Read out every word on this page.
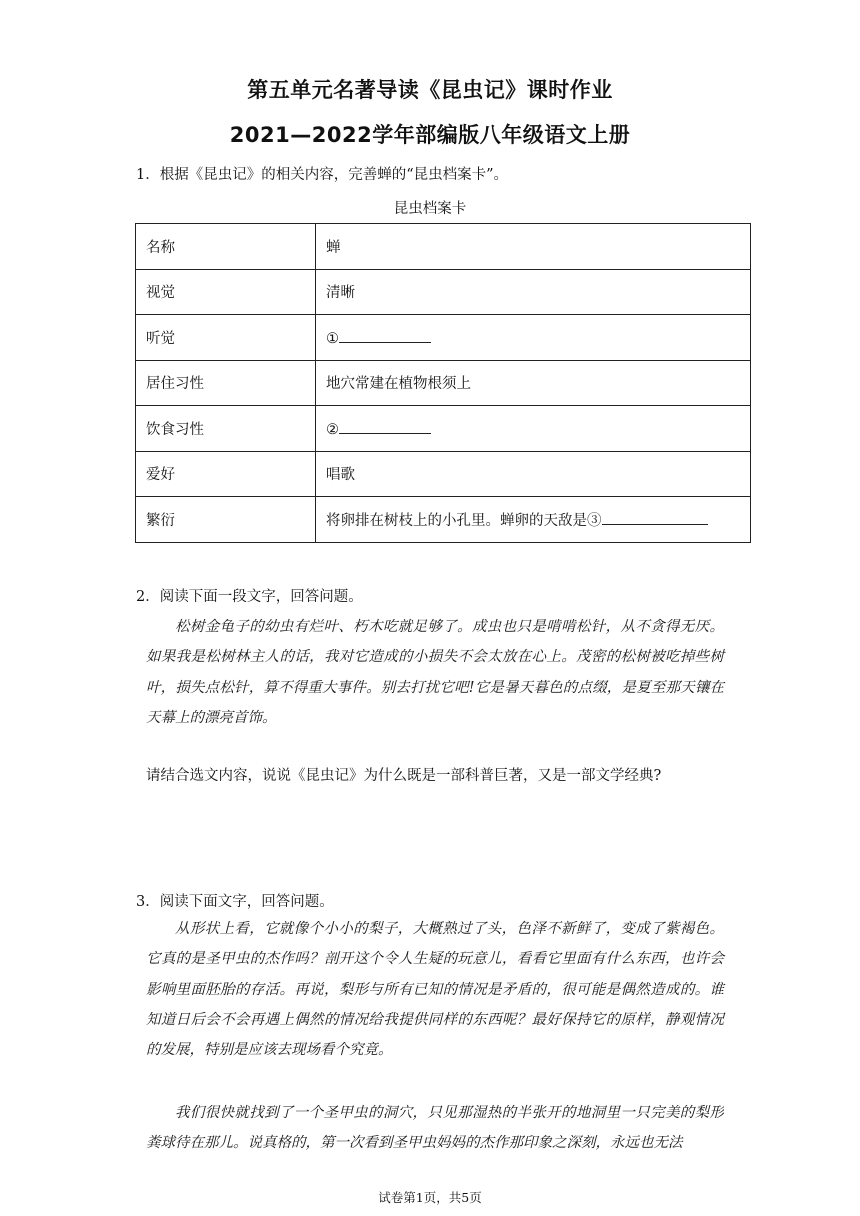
第五单元名著导读《昆虫记》课时作业
2021—2022学年部编版八年级语文上册
1．根据《昆虫记》的相关内容，完善蝉的“昆虫档案卡”。
昆虫档案卡
名称	蝉
视觉	清晰
听觉	①
居住习性	地穴常建在植物根须上
饮食习性	②
爱好	唱歌
繁衍	将卵排在树枝上的小孔里。蝉卵的天敌是③
2．阅读下面一段文字，回答问题。
松树金龟子的幼虫有烂叶、朽木吃就足够了。成虫也只是啃啃松针，从不贪得无厌。如果我是松树林主人的话，我对它造成的小损失不会太放在心上。茂密的松树被吃掉些树叶，损失点松针，算不得重大事件。别去打扰它吧!它是暑天暮色的点缀，是夏至那天镶在天幕上的漂亮首饰。
请结合选文内容，说说《昆虫记》为什么既是一部科普巨著，又是一部文学经典?
3．阅读下面文字，回答问题。
从形状上看，它就像个小小的梨子，大概熟过了头，色泽不新鲜了，变成了紫褐色。它真的是圣甲虫的杰作吗？剖开这个令人生疑的玩意儿，看看它里面有什么东西，也许会影响里面胚胎的存活。再说，梨形与所有已知的情况是矛盾的，很可能是偶然造成的。谁知道日后会不会再遇上偶然的情况给我提供同样的东西呢？最好保持它的原样，静观情况的发展，特别是应该去现场看个究竟。
我们很快就找到了一个圣甲虫的洞穴，只见那湿热的半张开的地洞里一只完美的梨形粪球待在那儿。说真格的，第一次看到圣甲虫妈妈的杰作那印象之深刻，永远也无法
试卷第1页，共5页
